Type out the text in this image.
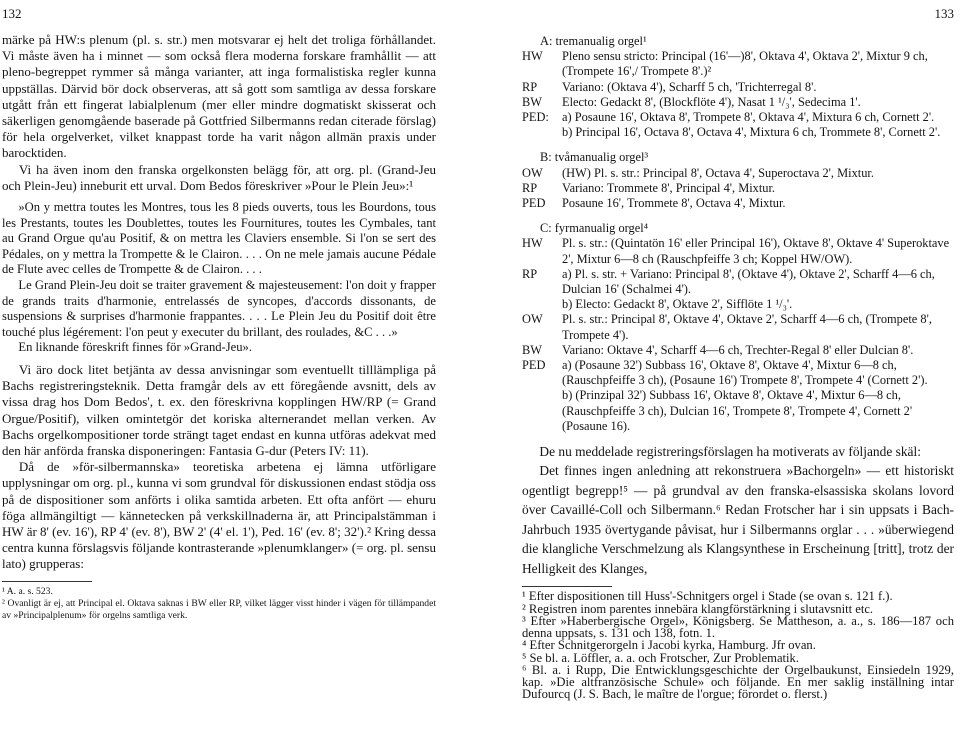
132

märke på HW:s plenum (pl. s. str.) men motsvarar ej helt det troliga förhållandet. Vi måste även ha i minnet — som också flera moderna forskare framhållit — att pleno-begreppet rymmer så många varianter, att inga formalistiska regler kunna uppställas. Därvid bör dock observeras, att så gott som samtliga av dessa forskare utgått från ett fingerat labialplenum (mer eller mindre dogmatiskt skisserat och säkerligen genomgående baserade på Gottfried Silbermanns redan citerade förslag) för hela orgelverket, vilket knappast torde ha varit någon allmän praxis under barocktiden.

Vi ha även inom den franska orgelkonsten belägg för, att org. pl. (Grand-Jeu och Plein-Jeu) inneburit ett urval. Dom Bedos föreskriver »Pour le Plein Jeu»:¹

»On y mettra toutes les Montres, tous les 8 pieds ouverts, tous les Bourdons, tous les Prestants, toutes les Doublettes, toutes les Fournitures, toutes les Cymbales, tant au Grand Orgue qu'au Positif, & on mettra les Claviers ensemble. Si l'on se sert des Pédales, on y mettra la Trompette & le Clairon. . . . On ne mele jamais aucune Pédale de Flute avec celles de Trompette & de Clairon. . . .

Le Grand Plein-Jeu doit se traiter gravement & majesteusement: l'on doit y frapper de grands traits d'harmonie, entrelassés de syncopes, d'accords dissonants, de suspensions & surprises d'harmonie frappantes. . . . Le Plein Jeu du Positif doit être touché plus légérement: l'on peut y executer du brillant, des roulades, &C . . .»

En liknande föreskrift finnes för »Grand-Jeu».

Vi äro dock litet betjänta av dessa anvisningar som eventuellt tilllämpliga på Bachs registreringsteknik. Detta framgår dels av ett föregående avsnitt, dels av vissa drag hos Dom Bedos', t. ex. den föreskrivna kopplingen HW/RP (= Grand Orgue/Positif), vilken omintetgör det koriska alternerandet mellan verken. Av Bachs orgelkompositioner torde strängt taget endast en kunna utföras adekvat med den här anförda franska disponeringen: Fantasia G-dur (Peters IV: 11).

Då de »för-silbermannska» teoretiska arbetena ej lämna utförligare upplysningar om org. pl., kunna vi som grundval för diskussionen endast stödja oss på de dispositioner som anförts i olika samtida arbeten. Ett ofta anfört — ehuru föga allmängiltigt — kännetecken på verkskillnaderna är, att Principalstämman i HW är 8' (ev. 16'), RP 4' (ev. 8'), BW 2' (4' el. 1'), Ped. 16' (ev. 8'; 32').² Kring dessa centra kunna förslagsvis följande kontrasterande »plenumklanger» (= org. pl. sensu lato) grupperas:

¹ A. a. s. 523.

² Ovanligt är ej, att Principal el. Oktava saknas i BW eller RP, vilket lägger visst hinder i vägen för tillämpandet av »Principalplenum» för orgelns samtliga verk.

133
A: tremanualig orgel¹
HW	Pleno sensu stricto: Principal (16'—)8', Oktava 4', Oktava 2', Mixtur 9 ch, (Trompete 16',/ Trompete 8'.)²
RP	Variano: (Oktava 4'), Scharff 5 ch, 'Trichterregal 8'.
BW	Electo: Gedackt 8', (Blockflöte 4'), Nasat 1 ¹/₃', Sedecima 1'.
PED:	a) Posaune 16', Oktava 8', Trompete 8', Oktava 4', Mixtura 6 ch, Cornett 2'.
b) Principal 16', Octava 8', Octava 4', Mixtura 6 ch, Trommete 8', Cornett 2'.
B: tvåmanualig orgel³
OW	(HW) Pl. s. str.: Principal 8', Octava 4', Superoctava 2', Mixtur.
RP	Variano: Trommete 8', Principal 4', Mixtur.
PED	Posaune 16', Trommete 8', Octava 4', Mixtur.
C: fyrmanualig orgel⁴
HW	Pl. s. str.: (Quintatön 16' eller Principal 16'), Oktave 8', Oktave 4' Superoktave 2', Mixtur 6—8 ch (Rauschpfeiffe 3 ch; Koppel HW/OW).
RP	a) Pl. s. str. + Variano: Principal 8', (Oktave 4'), Oktave 2', Scharff 4—6 ch, Dulcian 16' (Schalmei 4').
b) Electo: Gedackt 8', Oktave 2', Sifflöte 1 ¹/₃'.
OW	Pl. s. str.: Principal 8', Oktave 4', Oktave 2', Scharff 4—6 ch, (Trompete 8', Trompete 4').
BW	Variano: Oktave 4', Scharff 4—6 ch, Trechter-Regal 8' eller Dulcian 8'.
PED	a) (Posaune 32') Subbass 16', Oktave 8', Oktave 4', Mixtur 6—8 ch, (Rauschpfeiffe 3 ch), (Posaune 16') Trompete 8', Trompete 4' (Cornett 2').
b) (Prinzipal 32') Subbass 16', Oktave 8', Oktave 4', Mixtur 6—8 ch, (Rauschpfeiffe 3 ch), Dulcian 16', Trompete 8', Trompete 4', Cornett 2' (Posaune 16).

De nu meddelade registreringsförslagen ha motiverats av följande skäl:

Det finnes ingen anledning att rekonstruera »Bachorgeln» — ett historiskt ogentligt begrepp!⁵ — på grundval av den franska-elsassiska skolans lovord över Cavaillé-Coll och Silbermann.⁶ Redan Frotscher har i sin uppsats i Bach-Jahrbuch 1935 övertygande påvisat, hur i Silbermanns orglar . . . »überwiegend die klangliche Verschmelzung als Klangsynthese in Erscheinung [tritt], trotz der Helligkeit des Klanges,

¹ Efter dispositionen till Huss'-Schnitgers orgel i Stade (se ovan s. 121 f.).

² Registren inom parentes innebära klangförstärkning i slutavsnitt etc.

³ Efter »Haberbergische Orgel», Königsberg. Se Mattheson, a. a., s. 186—187 och denna uppsats, s. 131 och 138, fotn. 1.

⁴ Efter Schnitgerorgeln i Jacobi kyrka, Hamburg. Jfr ovan.

⁵ Se bl. a. Löffler, a. a. och Frotscher, Zur Problematik.

⁶ Bl. a. i Rupp, Die Entwicklungsgeschichte der Orgelbaukunst, Einsiedeln 1929, kap. »Die altfranzösische Schule» och följande. En mer saklig inställning intar Dufourcq (J. S. Bach, le maître de l'orgue; förordet o. flerst.)
